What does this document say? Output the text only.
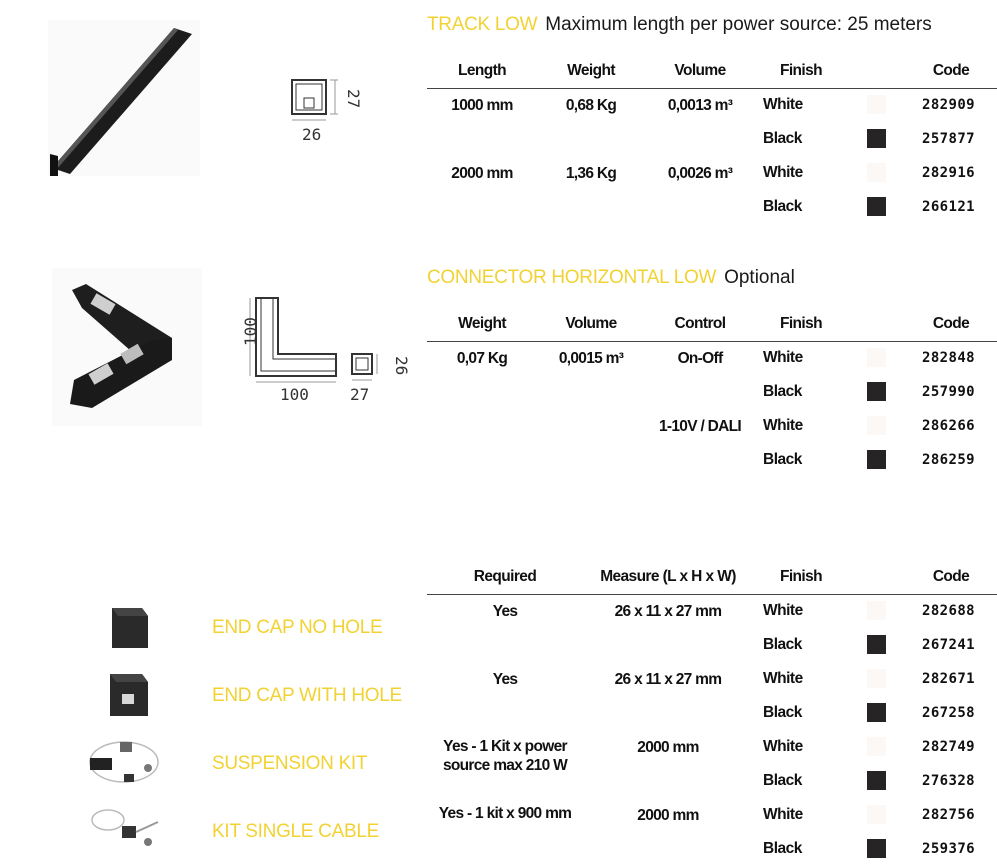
27
26
TRACK LOW Maximum length per power source: 25 meters
Length	Weight	Volume	Finish	Code
1000 mm	0,68 Kg	0,0013 m³ White	282909
Black	257877
2000 mm	1,36 Kg	0,0026 m³ White	282916
Black	266121
100
100	27
26
CONNECTOR HORIZONTAL LOW Optional
Weight	Volume	Control	Finish	Code
0,07 Kg	0,0015 m³	On-Off	White	282848
Black	257990
1-10V / DALI White	286266
Black	286259
Required	Measure (L x H x W)	Finish	Code
END CAP NO HOLE
Yes	26 x 11 x 27 mm	White	282688
Black	267241
END CAP WITH HOLE
Yes	26 x 11 x 27 mm	White	282671
Black	267258
SUSPENSION KIT
Yes - 1 Kit x power
source max 210 W
2000 mm	White	282749
Black	276328
KIT SINGLE CABLE
Yes - 1 kit x 900 mm	2000 mm	White	282756
Black	259376
